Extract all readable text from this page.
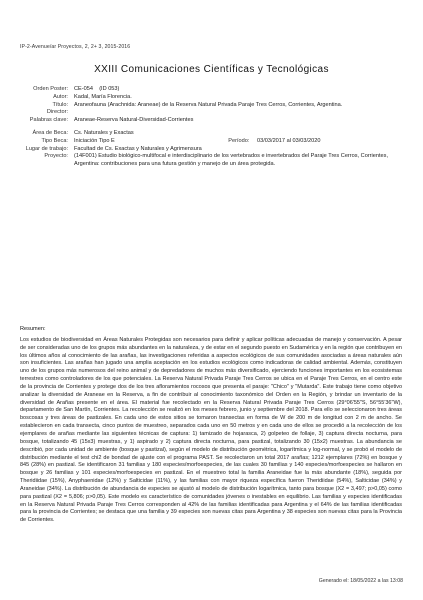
IP-2-Avenue/ar Proyectos, 2, 2+ 3, 2015-2016
XXIII Comunicaciones Científicas y Tecnológicas
Orden Poster:	CE-054 (ID 053)
Autor:	Kadal, María Florencia.
Título:	Araneofauna (Arachnida: Araneae) de la Reserva Natural Privada Paraje Tres Cerros, Corrientes, Argentina.
Director:
Palabras clave:	Araneae-Reserva Natural-Diversidad-Corrientes
Área de Beca:	Cs. Naturales y Exactas
Tipo Beca:	Iniciación Tipo E	Período: 03/03/2017 al 03/03/2020
Lugar de trabajo:	Facultad de Cs. Exactas y Naturales y Agrimensura
Proyecto:	(14F001) Estudio biológico-multifocal e interdisciplinario de los vertebrados e invertebrados del Paraje Tres Cerros, Corrientes, Argentina: contribuciones para una futura gestión y manejo de un área protegida.
Resumen:
Los estudios de biodiversidad en Áreas Naturales Protegidas son necesarios para definir y aplicar políticas adecuadas de manejo y conservación. A pesar de ser consideradas uno de los grupos más abundantes en la naturaleza, y de estar en el segundo puesto en Sudamérica y en la región que contribuyen en los últimos años al conocimiento de las arañas, las investigaciones referidas a aspectos ecológicos de sus comunidades asociadas a áreas naturales aún son insuficientes. Las arañas han jugado una amplia aceptación en los estudios ecológicos como indicadoras de calidad ambiental. Además, constituyen uno de los grupos más numerosos del reino animal y de depredadores de muchos más diversificado, ejerciendo funciones importantes en los ecosistemas terrestres como controladores de los que potenciales. La Reserva Natural Privada Paraje Tres Cerros se ubica en el Paraje Tres Cerros, en el centro este de la provincia de Corrientes y protege dos de los tres afloramientos rocosos que presenta el paraje: "Chico" y "Mutarda". Este trabajo tiene como objetivo analizar la diversidad de Araneae en la Reserva, a fin de contribuir al conocimiento taxonómico del Orden en la Región, y brindar un inventario de la diversidad de Arañas presente en el área. El material fue recolectado en la Reserva Natural Privada Paraje Tres Cerros (29°06'55"S, 56°55'36"W), departamento de San Martín, Corrientes. La recolección se realizó en los meses febrero, junio y septiembre del 2018. Para ello se seleccionaron tres áreas boscosas y tres áreas de pastizales. En cada uno de estos sitios se tomaron transectas en forma de W de 200 m de longitud con 2 m de ancho. Se establecieron en cada transecta, cinco puntos de muestreo, separados cada uno en 50 metros y en cada uno de ellos se procedió a la recolección de los ejemplares de arañas mediante las siguientes técnicas de captura: 1) tamizado de hojarasca, 2) golpeteo de follaje, 3) captura directa nocturna, para bosque, totalizando 45 (15x3) muestras, y 1) aspirado y 2) captura directa nocturna, para pastizal, totalizando 30 (15x2) muestras. La abundancia se describió, por cada unidad de ambiente (bosque y pastizal), según el modelo de distribución geométrica, logarítmica y log-normal, y se probó el modelo de distribución mediante el test chi2 de bondad de ajuste con el programa PAST. Se recolectaron un total 2017 arañas; 1212 ejemplares (72%) en bosque y 845 (28%) en pastizal. Se identificaron 31 familias y 180 especies/morfoespecies, de las cuales 30 familias y 140 especies/morfoespecies se hallaron en bosque y 26 familias y 101 especies/morfoespecies en pastizal. En el muestreo total la familia Araneidae fue la más abundante (18%), seguida por Theridiidae (15%), Anyphaenidae (12%) y Salticidae (11%), y las familias con mayor riqueza específica fueron Theridiidae (54%), Salticidae (34%) y Araneidae (34%). La distribución de abundancia de especies se ajustó al modelo de distribución logarítmica, tanto para bosque (X2 = 3,497; p>0,05) como para pastizal (X2 = 5,806; p>0,05). Este modelo es característico de comunidades jóvenes o inestables en equilibrio. Las familias y especies identificadas en la Reserva Natural Privada Paraje Tres Cerros corresponden al 42% de las familias identificadas para Argentina y el 64% de las familias identificadas para la provincia de Corrientes; se destaca que una familia y 39 especies son nuevas citas para Argentina y 38 especies son nuevas citas para la Provincia de Corrientes.
Generado el: 18/05/2022 a las 13:08
